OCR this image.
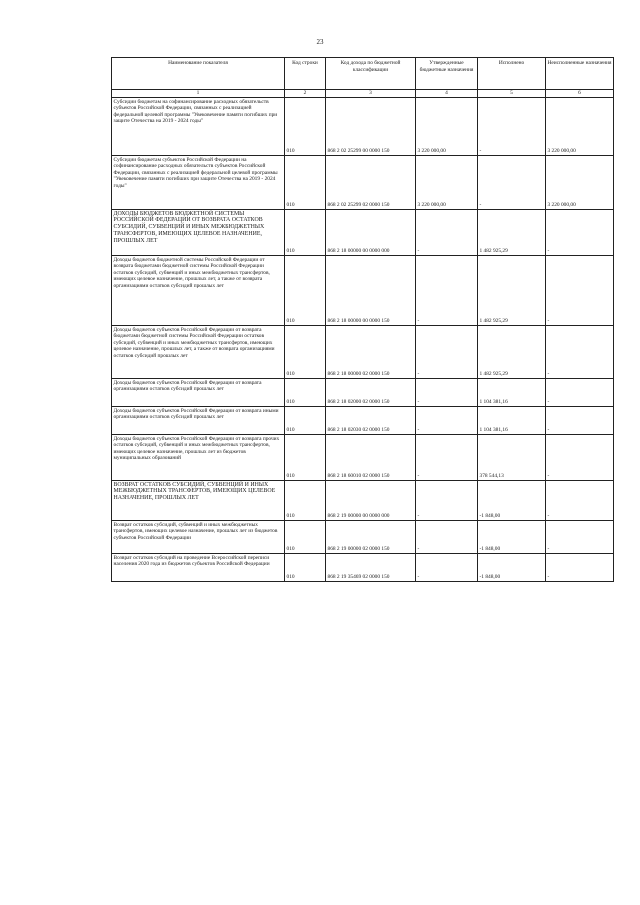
23
Наименование показателя	Код строки	Код дохода по бюджетной классификации	Утвержденные бюджетные назначения	Исполнено	Неисполненные назначения
1	2	3	4	5	6
Субсидии бюджетам на софинансирование расходных обязательств субъектов Российской Федерации, связанных с реализацией федеральной целевой программы "Увековечение памяти погибших при защите Отечества на 2019 - 2024 годы"	010	868 2 02 25299 00 0000 150	3 220 000,00	-	3 220 000,00
Субсидии бюджетам субъектов Российской Федерации на софинансирование расходных обязательств субъектов Российской Федерации, связанных с реализацией федеральной целевой программы "Увековечение памяти погибших при защите Отечества на 2019 - 2024 годы"	010	868 2 02 25299 02 0000 150	3 220 000,00	-	3 220 000,00
ДОХОДЫ БЮДЖЕТОВ БЮДЖЕТНОЙ СИСТЕМЫ РОССИЙСКОЙ ФЕДЕРАЦИИ ОТ ВОЗВРАТА ОСТАТКОВ СУБСИДИЙ, СУБВЕНЦИЙ И ИНЫХ МЕЖБЮДЖЕТНЫХ ТРАНСФЕРТОВ, ИМЕЮЩИХ ЦЕЛЕВОЕ НАЗНАЧЕНИЕ, ПРОШЛЫХ ЛЕТ	010	868 2 18 00000 00 0000 000	-	1 482 925,29	-
Доходы бюджетов бюджетной системы Российской Федерации от возврата бюджетами бюджетной системы Российской Федерации остатков субсидий, субвенций и иных межбюджетных трансфертов, имеющих целевое назначение, прошлых лет, а также от возврата организациями остатков субсидий прошлых лет	010	868 2 18 00000 00 0000 150	-	1 482 925,29	-
Доходы бюджетов субъектов Российской Федерации от возврата бюджетами бюджетной системы Российской Федерации остатков субсидий, субвенций и иных межбюджетных трансфертов, имеющих целевое назначение, прошлых лет, а также от возврата организациями остатков субсидий прошлых лет	010	868 2 18 00000 02 0000 150	-	1 482 925,29	-
Доходы бюджетов субъектов Российской Федерации от возврата организациями остатков субсидий прошлых лет	010	868 2 18 02000 02 0000 150	-	1 104 381,16	-
Доходы бюджетов субъектов Российской Федерации от возврата иными организациями остатков субсидий прошлых лет	010	868 2 18 02030 02 0000 150	-	1 104 381,16	-
Доходы бюджетов субъектов Российской Федерации от возврата прочих остатков субсидий, субвенций и иных межбюджетных трансфертов, имеющих целевое назначение, прошлых лет из бюджетов муниципальных образований	010	868 2 18 60010 02 0000 150	-	378 544,13	-
ВОЗВРАТ ОСТАТКОВ СУБСИДИЙ, СУБВЕНЦИЙ И ИНЫХ МЕЖБЮДЖЕТНЫХ ТРАНСФЕРТОВ, ИМЕЮЩИХ ЦЕЛЕВОЕ НАЗНАЧЕНИЕ, ПРОШЛЫХ ЛЕТ	010	868 2 19 00000 00 0000 000	-	-1 848,00	-
Возврат остатков субсидий, субвенций и иных межбюджетных трансфертов, имеющих целевое назначение, прошлых лет из бюджетов субъектов Российской Федерации	010	868 2 19 00000 02 0000 150	-	-1 848,00	-
Возврат остатков субсидий на проведение Всероссийской переписи населения 2020 года из бюджетов субъектов Российской Федерации	010	868 2 19 35469 02 0000 150	-	-1 848,00	-
